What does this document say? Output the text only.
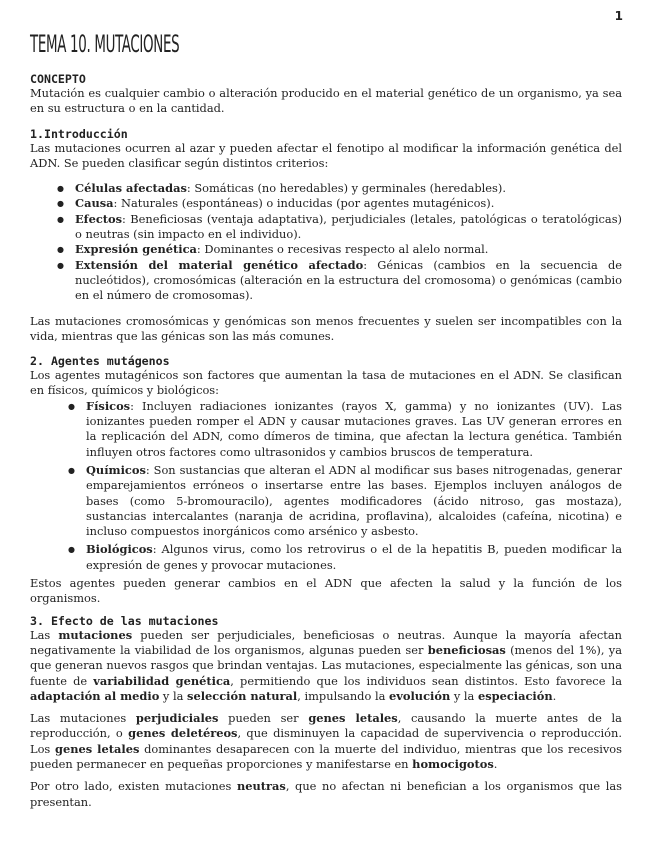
1
TEMA 10. MUTACIONES

CONCEPTO

Mutación es cualquier cambio o alteración producido en el material genético de un organismo, ya sea en su estructura o en la cantidad.

1.Introducción

Las mutaciones ocurren al azar y pueden afectar el fenotipo al modificar la información genética del ADN. Se pueden clasificar según distintos criterios:

● Células afectadas: Somáticas (no heredables) y germinales (heredables).
● Causa: Naturales (espontáneas) o inducidas (por agentes mutagénicos).
● Efectos: Beneficiosas (ventaja adaptativa), perjudiciales (letales, patológicas o teratológicas) o neutras (sin impacto en el individuo).
● Expresión genética: Dominantes o recesivas respecto al alelo normal.
● Extensión del material genético afectado: Génicas (cambios en la secuencia de nucleótidos), cromosómicas (alteración en la estructura del cromosoma) o genómicas (cambio en el número de cromosomas).

Las mutaciones cromosómicas y genómicas son menos frecuentes y suelen ser incompatibles con la vida, mientras que las génicas son las más comunes.

2. Agentes mutágenos

Los agentes mutagénicos son factores que aumentan la tasa de mutaciones en el ADN. Se clasifican en físicos, químicos y biológicos:

● Físicos: Incluyen radiaciones ionizantes (rayos X, gamma) y no ionizantes (UV). Las ionizantes pueden romper el ADN y causar mutaciones graves. Las UV generan errores en la replicación del ADN, como dímeros de timina, que afectan la lectura genética. También influyen otros factores como ultrasonidos y cambios bruscos de temperatura.
● Químicos: Son sustancias que alteran el ADN al modificar sus bases nitrogenadas, generar emparejamientos erróneos o insertarse entre las bases. Ejemplos incluyen análogos de bases (como 5-bromouracilo), agentes modificadores (ácido nitroso, gas mostaza), sustancias intercalantes (naranja de acridina, proflavina), alcaloides (cafeína, nicotina) e incluso compuestos inorgánicos como arsénico y asbesto.
● Biológicos: Algunos virus, como los retrovirus o el de la hepatitis B, pueden modificar la expresión de genes y provocar mutaciones.

Estos agentes pueden generar cambios en el ADN que afecten la salud y la función de los organismos.

3. Efecto de las mutaciones

Las mutaciones pueden ser perjudiciales, beneficiosas o neutras. Aunque la mayoría afectan negativamente la viabilidad de los organismos, algunas pueden ser beneficiosas (menos del 1%), ya que generan nuevos rasgos que brindan ventajas. Las mutaciones, especialmente las génicas, son una fuente de variabilidad genética, permitiendo que los individuos sean distintos. Esto favorece la adaptación al medio y la selección natural, impulsando la evolución y la especiación.

Las mutaciones perjudiciales pueden ser genes letales, causando la muerte antes de la reproducción, o genes deletéreos, que disminuyen la capacidad de supervivencia o reproducción. Los genes letales dominantes desaparecen con la muerte del individuo, mientras que los recesivos pueden permanecer en pequeñas proporciones y manifestarse en homocigotos.

Por otro lado, existen mutaciones neutras, que no afectan ni benefician a los organismos que las presentan.
